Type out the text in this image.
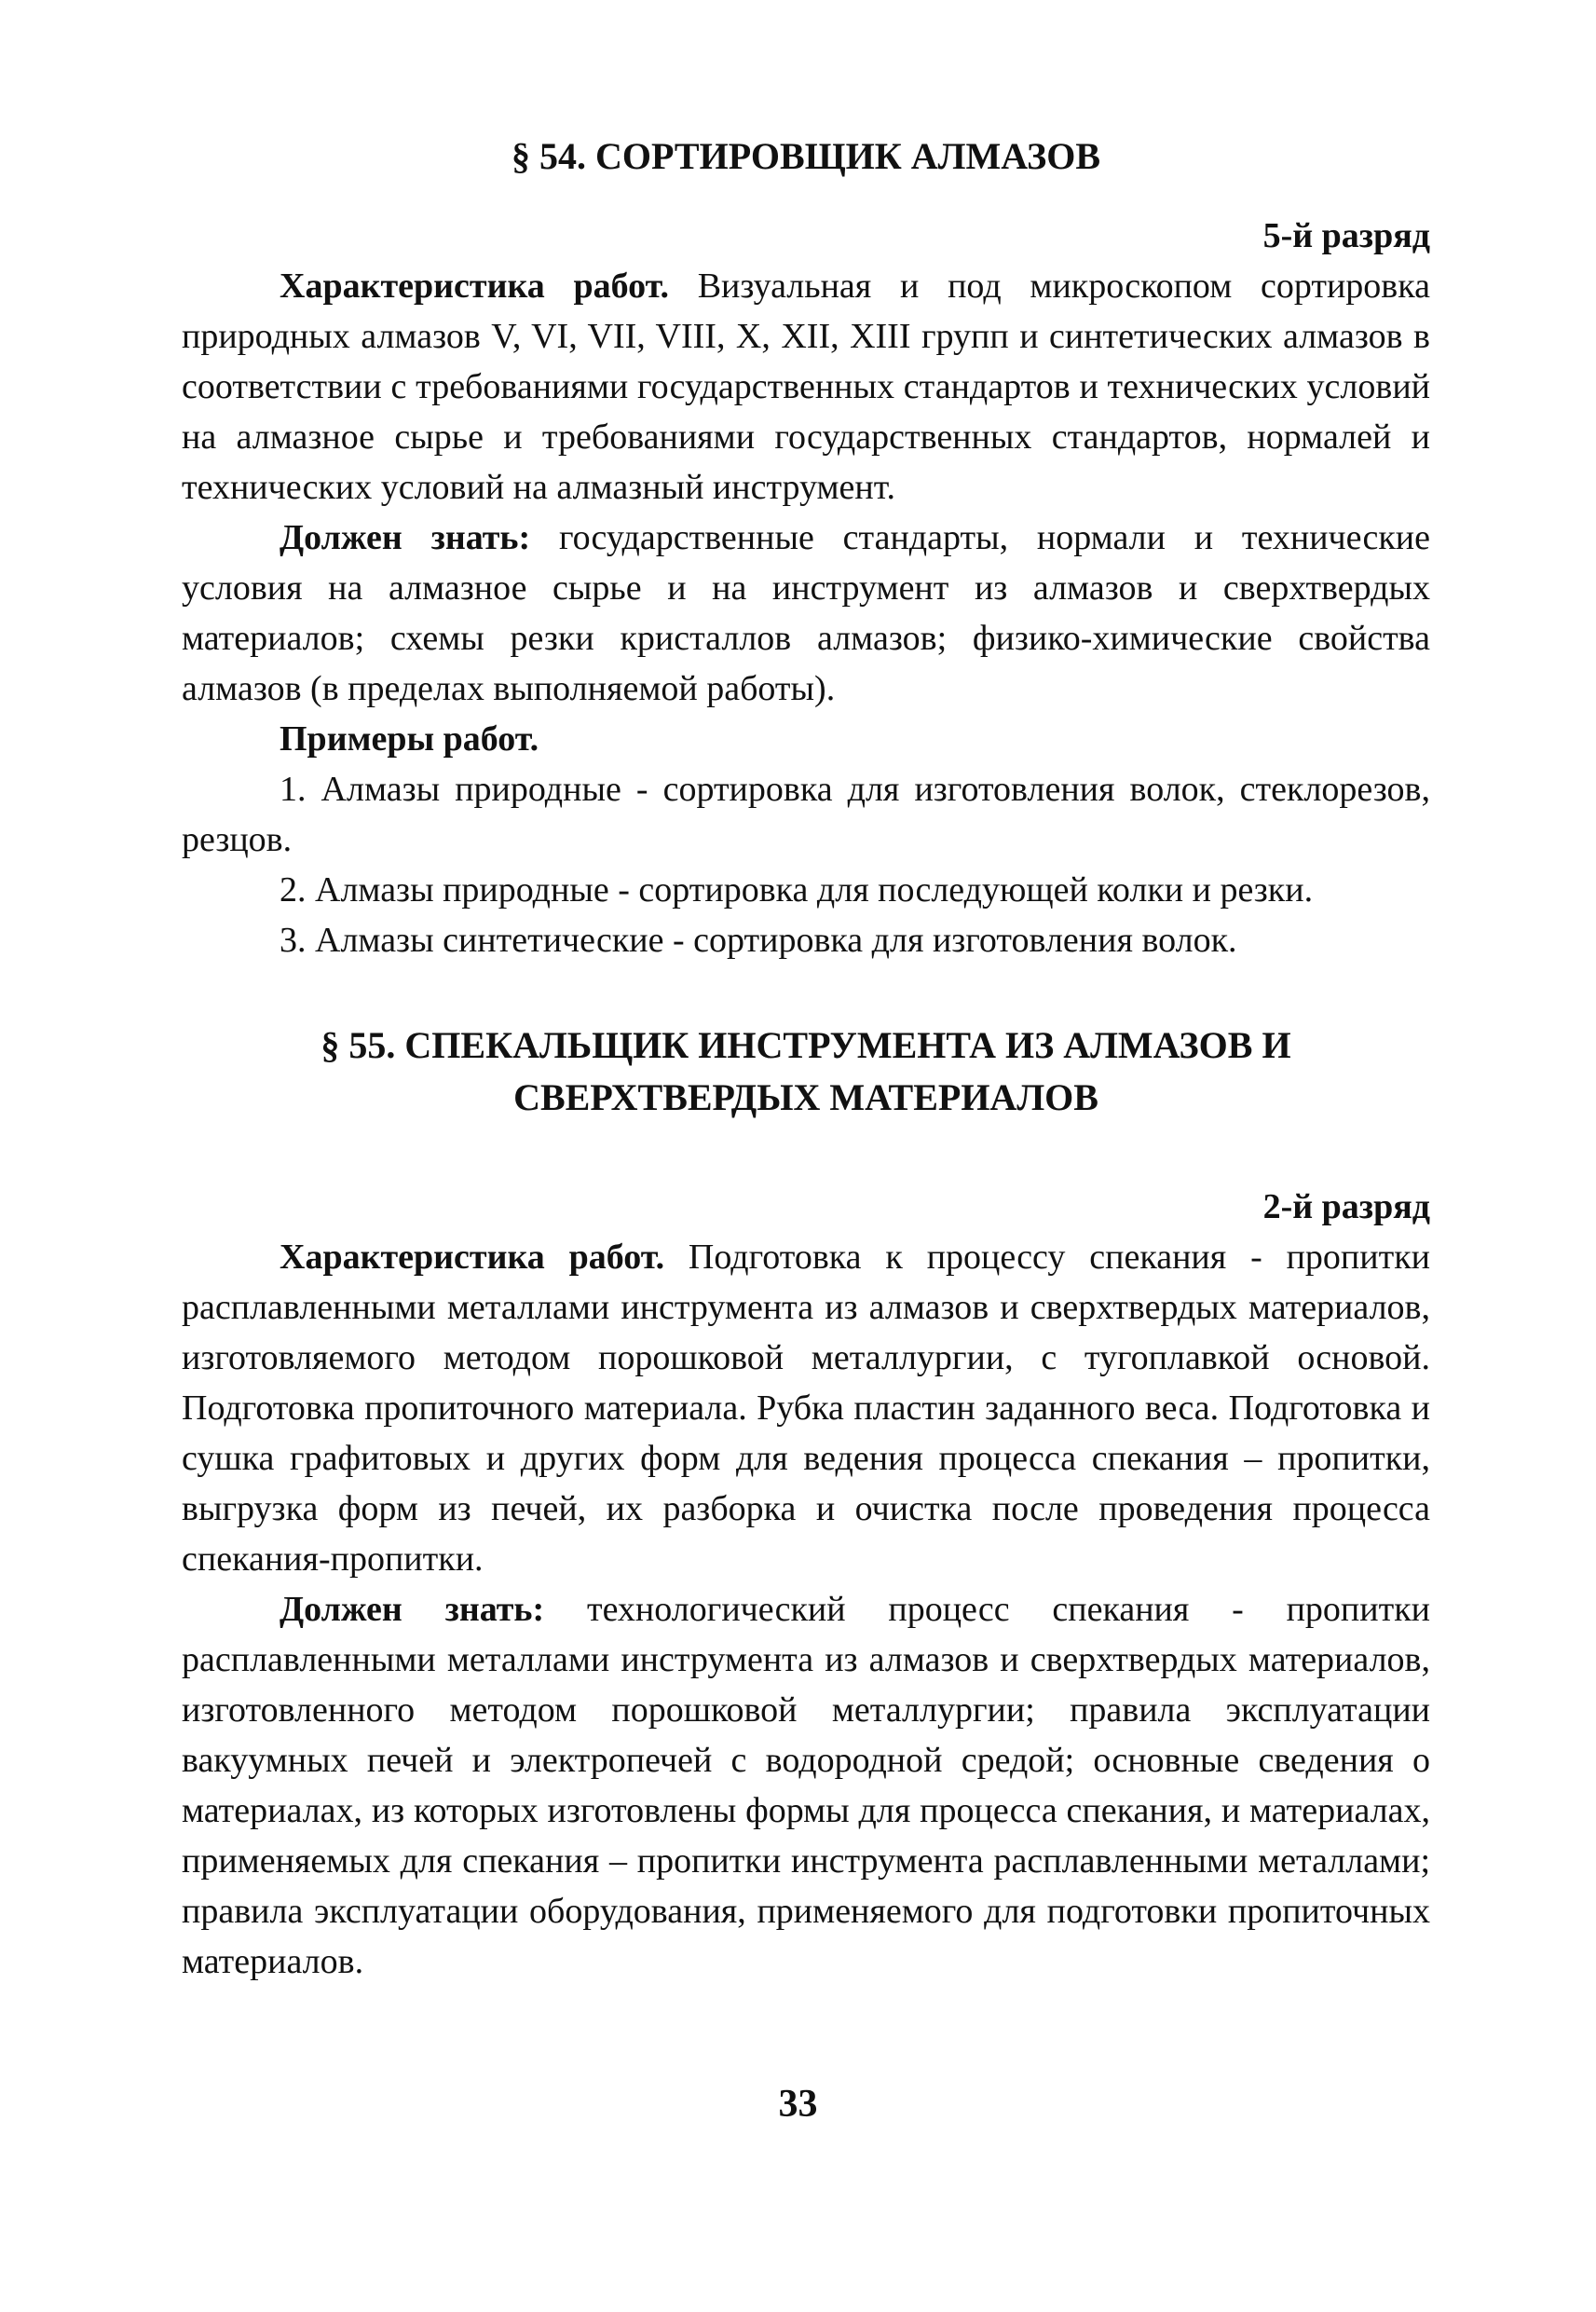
§ 54. СОРТИРОВЩИК АЛМАЗОВ
5-й разряд

Характеристика работ. Визуальная и под микроскопом сортировка природных алмазов V, VI, VII, VIII, X, XII, XIII групп и синтетических алмазов в соответствии с требованиями государственных стандартов и технических условий на алмазное сырье и требованиями государственных стандартов, нормалей и технических условий на алмазный инструмент.

Должен знать: государственные стандарты, нормали и технические условия на алмазное сырье и на инструмент из алмазов и сверхтвердых материалов; схемы резки кристаллов алмазов; физико-химические свойства алмазов (в пределах выполняемой работы).

Примеры работ.

1. Алмазы природные - сортировка для изготовления волок, стеклорезов, резцов.

2. Алмазы природные - сортировка для последующей колки и резки.

3. Алмазы синтетические - сортировка для изготовления волок.

§ 55. СПЕКАЛЬЩИК ИНСТРУМЕНТА ИЗ АЛМАЗОВ И
СВЕРХТВЕРДЫХ МАТЕРИАЛОВ
2-й разряд

Характеристика работ. Подготовка к процессу спекания - пропитки расплавленными металлами инструмента из алмазов и сверхтвердых материалов, изготовляемого методом порошковой металлургии, с тугоплавкой основой. Подготовка пропиточного материала. Рубка пластин заданного веса. Подготовка и сушка графитовых и других форм для ведения процесса спекания – пропитки, выгрузка форм из печей, их разборка и очистка после проведения процесса спекания-пропитки.

Должен знать: технологический процесс спекания - пропитки расплавленными металлами инструмента из алмазов и сверхтвердых материалов, изготовленного методом порошковой металлургии; правила эксплуатации вакуумных печей и электропечей с водородной средой; основные сведения о материалах, из которых изготовлены формы для процесса спекания, и материалах, применяемых для спекания – пропитки инструмента расплавленными металлами; правила эксплуатации оборудования, применяемого для подготовки пропиточных материалов.

33
